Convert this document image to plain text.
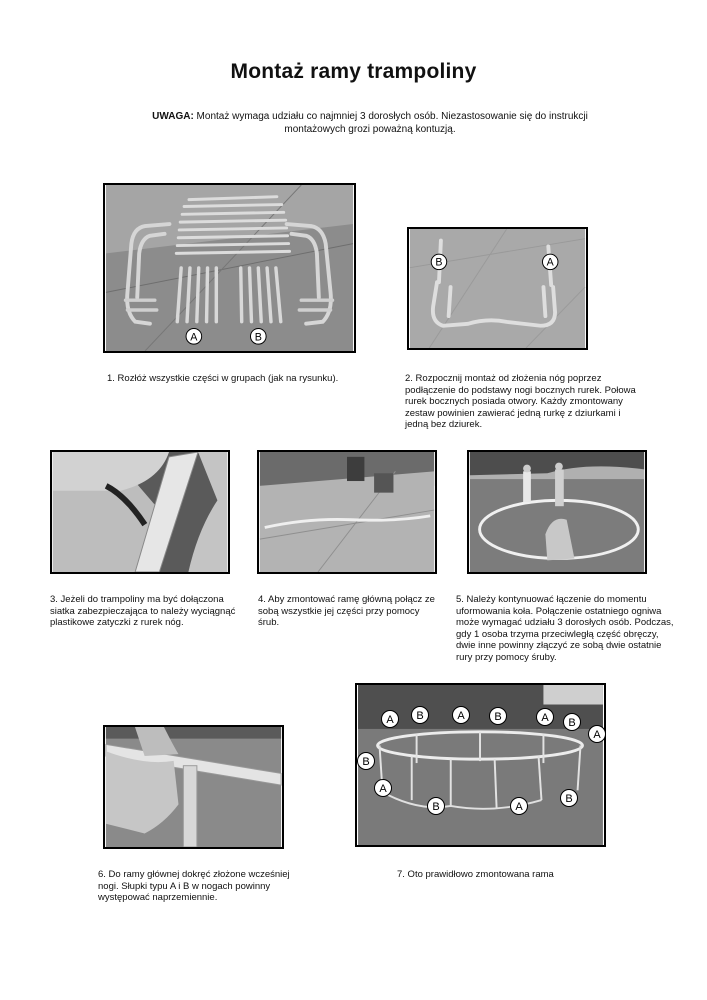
Montaż ramy trampoliny
UWAGA: Montaż wymaga udziału co najmniej 3 dorosłych osób. Niezastosowanie się do instrukcji montażowych grozi poważną kontuzją.
A	B
1. Rozłóż wszystkie części w grupach (jak na rysunku).
B	A
2. Rozpocznij montaż od złożenia nóg poprzez podłączenie do podstawy nogi bocznych rurek. Połowa rurek bocznych posiada otwory. Każdy zmontowany zestaw powinien zawierać jedną rurkę z dziurkami i jedną bez dziurek.
3. Jeżeli do trampoliny ma być dołączona siatka zabezpieczająca to należy wyciągnąć plastikowe zatyczki z rurek nóg.
4. Aby zmontować ramę główną połącz ze sobą wszystkie jej części przy pomocy śrub.
5. Należy kontynuować łączenie do momentu uformowania koła. Połączenie ostatniego ogniwa może wymagać udziału 3 dorosłych osób. Podczas, gdy 1 osoba trzyma przeciwległą część obręczy, dwie inne powinny złączyć ze sobą dwie ostatnie rury przy pomocy śruby.
6. Do ramy głównej dokręć złożone wcześniej nogi. Słupki typu A i B w nogach powinny występować naprzemiennie.
A B	A	B	A B
A
B
A
B	A
B
7. Oto prawidłowo zmontowana rama
